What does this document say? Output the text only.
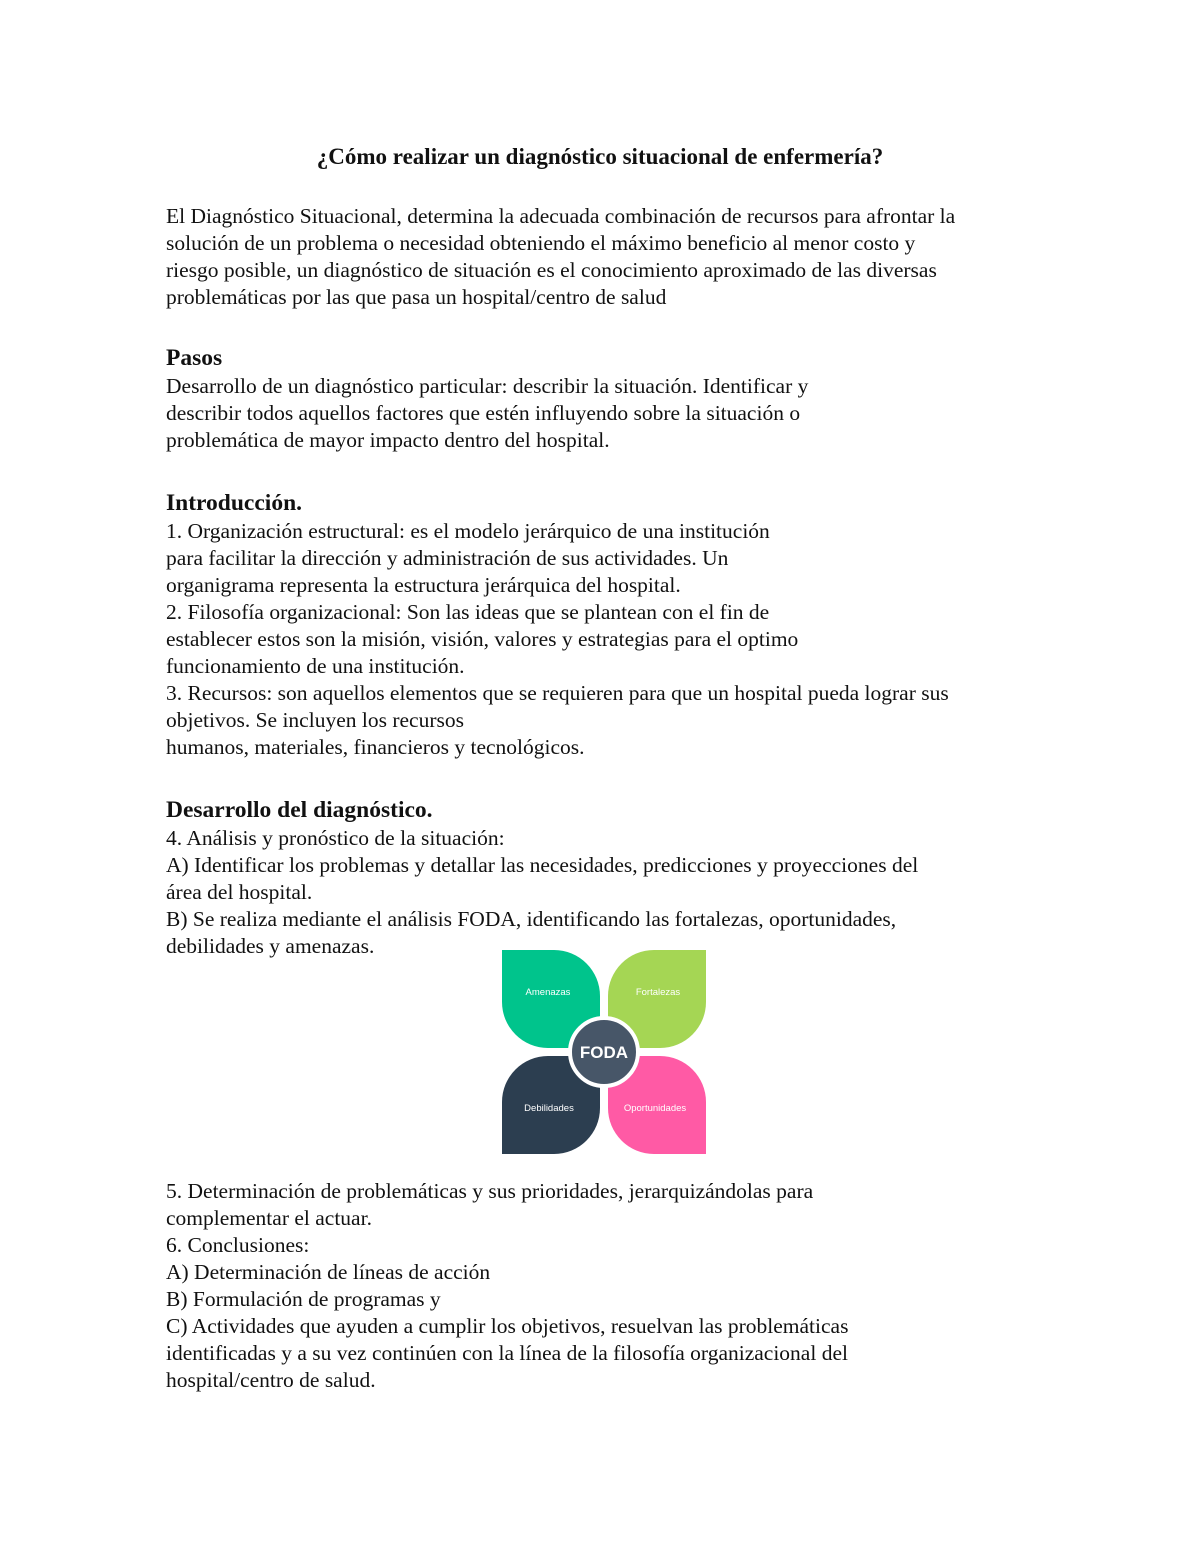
¿Cómo realizar un diagnóstico situacional de enfermería?
El Diagnóstico Situacional, determina la adecuada combinación de recursos para afrontar la
solución de un problema o necesidad obteniendo el máximo beneficio al menor costo y
riesgo posible, un diagnóstico de situación es el conocimiento aproximado de las diversas
problemáticas por las que pasa un hospital/centro de salud
Pasos
Desarrollo de un diagnóstico particular: describir la situación. Identificar y
describir todos aquellos factores que estén influyendo sobre la situación o
problemática de mayor impacto dentro del hospital.
Introducción.
1. Organización estructural: es el modelo jerárquico de una institución
para facilitar la dirección y administración de sus actividades. Un
organigrama representa la estructura jerárquica del hospital.
2. Filosofía organizacional: Son las ideas que se plantean con el fin de
establecer estos son la misión, visión, valores y estrategias para el optimo
funcionamiento de una institución.
3. Recursos: son aquellos elementos que se requieren para que un hospital pueda lograr sus
objetivos. Se incluyen los recursos
humanos, materiales, financieros y tecnológicos.
Desarrollo del diagnóstico.
4. Análisis y pronóstico de la situación:
A) Identificar los problemas y detallar las necesidades, predicciones y proyecciones del
área del hospital.
B) Se realiza mediante el análisis FODA, identificando las fortalezas, oportunidades,
debilidades y amenazas.
Amenazas	Fortalezas
Debilidades	Oportunidades
FODA
5. Determinación de problemáticas y sus prioridades, jerarquizándolas para
complementar el actuar.
6. Conclusiones:
A) Determinación de líneas de acción
B) Formulación de programas y
C) Actividades que ayuden a cumplir los objetivos, resuelvan las problemáticas
identificadas y a su vez continúen con la línea de la filosofía organizacional del
hospital/centro de salud.
